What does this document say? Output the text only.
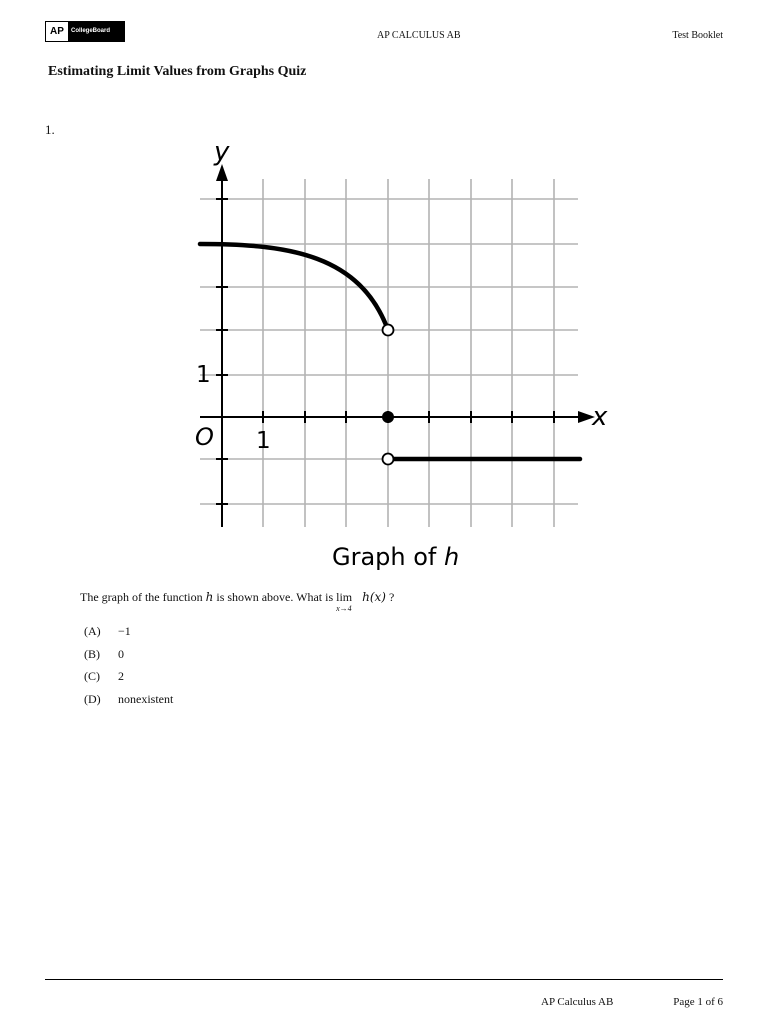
AP	CollegeBoard	AP CALCULUS AB	Test Booklet
Estimating Limit Values from Graphs Quiz
1.
y
x
O
1
1
Graph of h
The graph of the function h is shown above. What is lim
x→4
h(x) ?
(A) −1
(B) 0
(C) 2
(D) nonexistent
AP Calculus AB	Page 1 of 6
